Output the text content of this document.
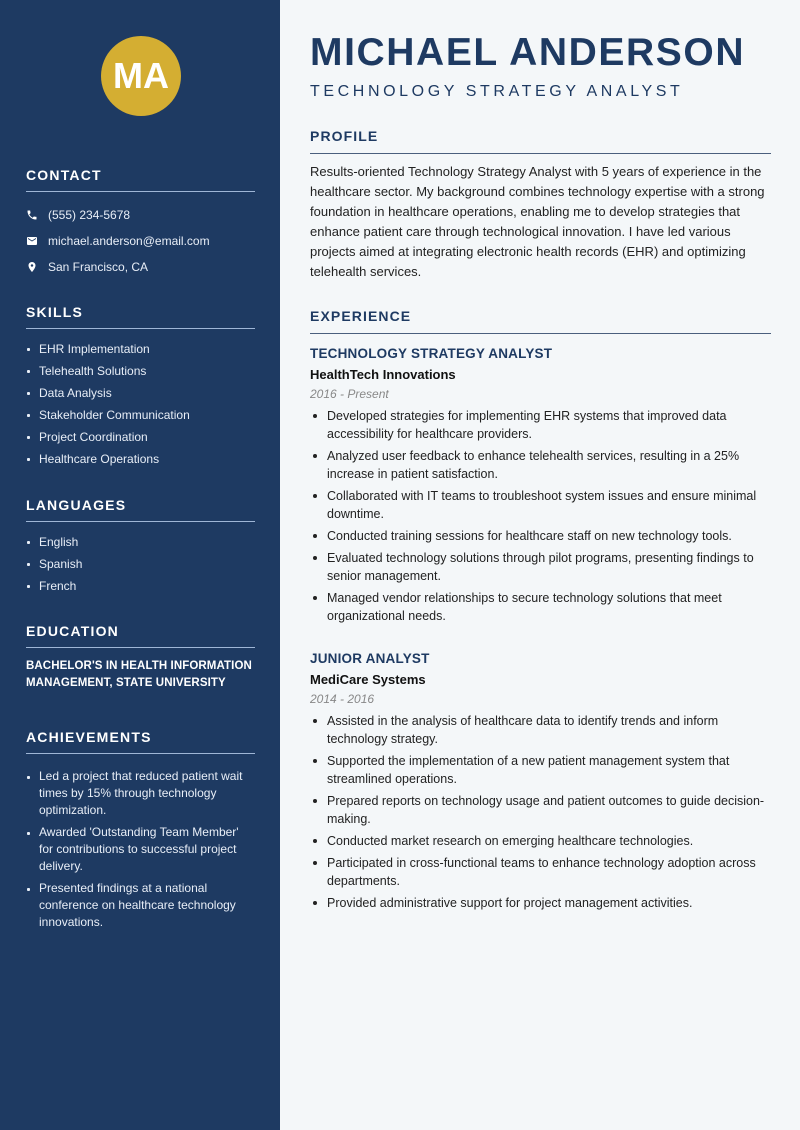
MA
CONTACT
(555) 234-5678
michael.anderson@email.com
San Francisco, CA
SKILLS
EHR Implementation
Telehealth Solutions
Data Analysis
Stakeholder Communication
Project Coordination
Healthcare Operations
LANGUAGES
English
Spanish
French
EDUCATION

BACHELOR'S IN HEALTH INFORMATION MANAGEMENT, STATE UNIVERSITY

ACHIEVEMENTS
Led a project that reduced patient wait times by 15% through technology optimization.
Awarded 'Outstanding Team Member' for contributions to successful project delivery.
Presented findings at a national conference on healthcare technology innovations.
MICHAEL ANDERSON
TECHNOLOGY STRATEGY ANALYST
PROFILE

Results-oriented Technology Strategy Analyst with 5 years of experience in the healthcare sector. My background combines technology expertise with a strong foundation in healthcare operations, enabling me to develop strategies that enhance patient care through technological innovation. I have led various projects aimed at integrating electronic health records (EHR) and optimizing telehealth services.

EXPERIENCE
TECHNOLOGY STRATEGY ANALYST
HealthTech Innovations
2016 - Present
Developed strategies for implementing EHR systems that improved data accessibility for healthcare providers.
Analyzed user feedback to enhance telehealth services, resulting in a 25% increase in patient satisfaction.
Collaborated with IT teams to troubleshoot system issues and ensure minimal downtime.
Conducted training sessions for healthcare staff on new technology tools.
Evaluated technology solutions through pilot programs, presenting findings to senior management.
Managed vendor relationships to secure technology solutions that meet organizational needs.
JUNIOR ANALYST
MediCare Systems
2014 - 2016
Assisted in the analysis of healthcare data to identify trends and inform technology strategy.
Supported the implementation of a new patient management system that streamlined operations.
Prepared reports on technology usage and patient outcomes to guide decision-making.
Conducted market research on emerging healthcare technologies.
Participated in cross-functional teams to enhance technology adoption across departments.
Provided administrative support for project management activities.
